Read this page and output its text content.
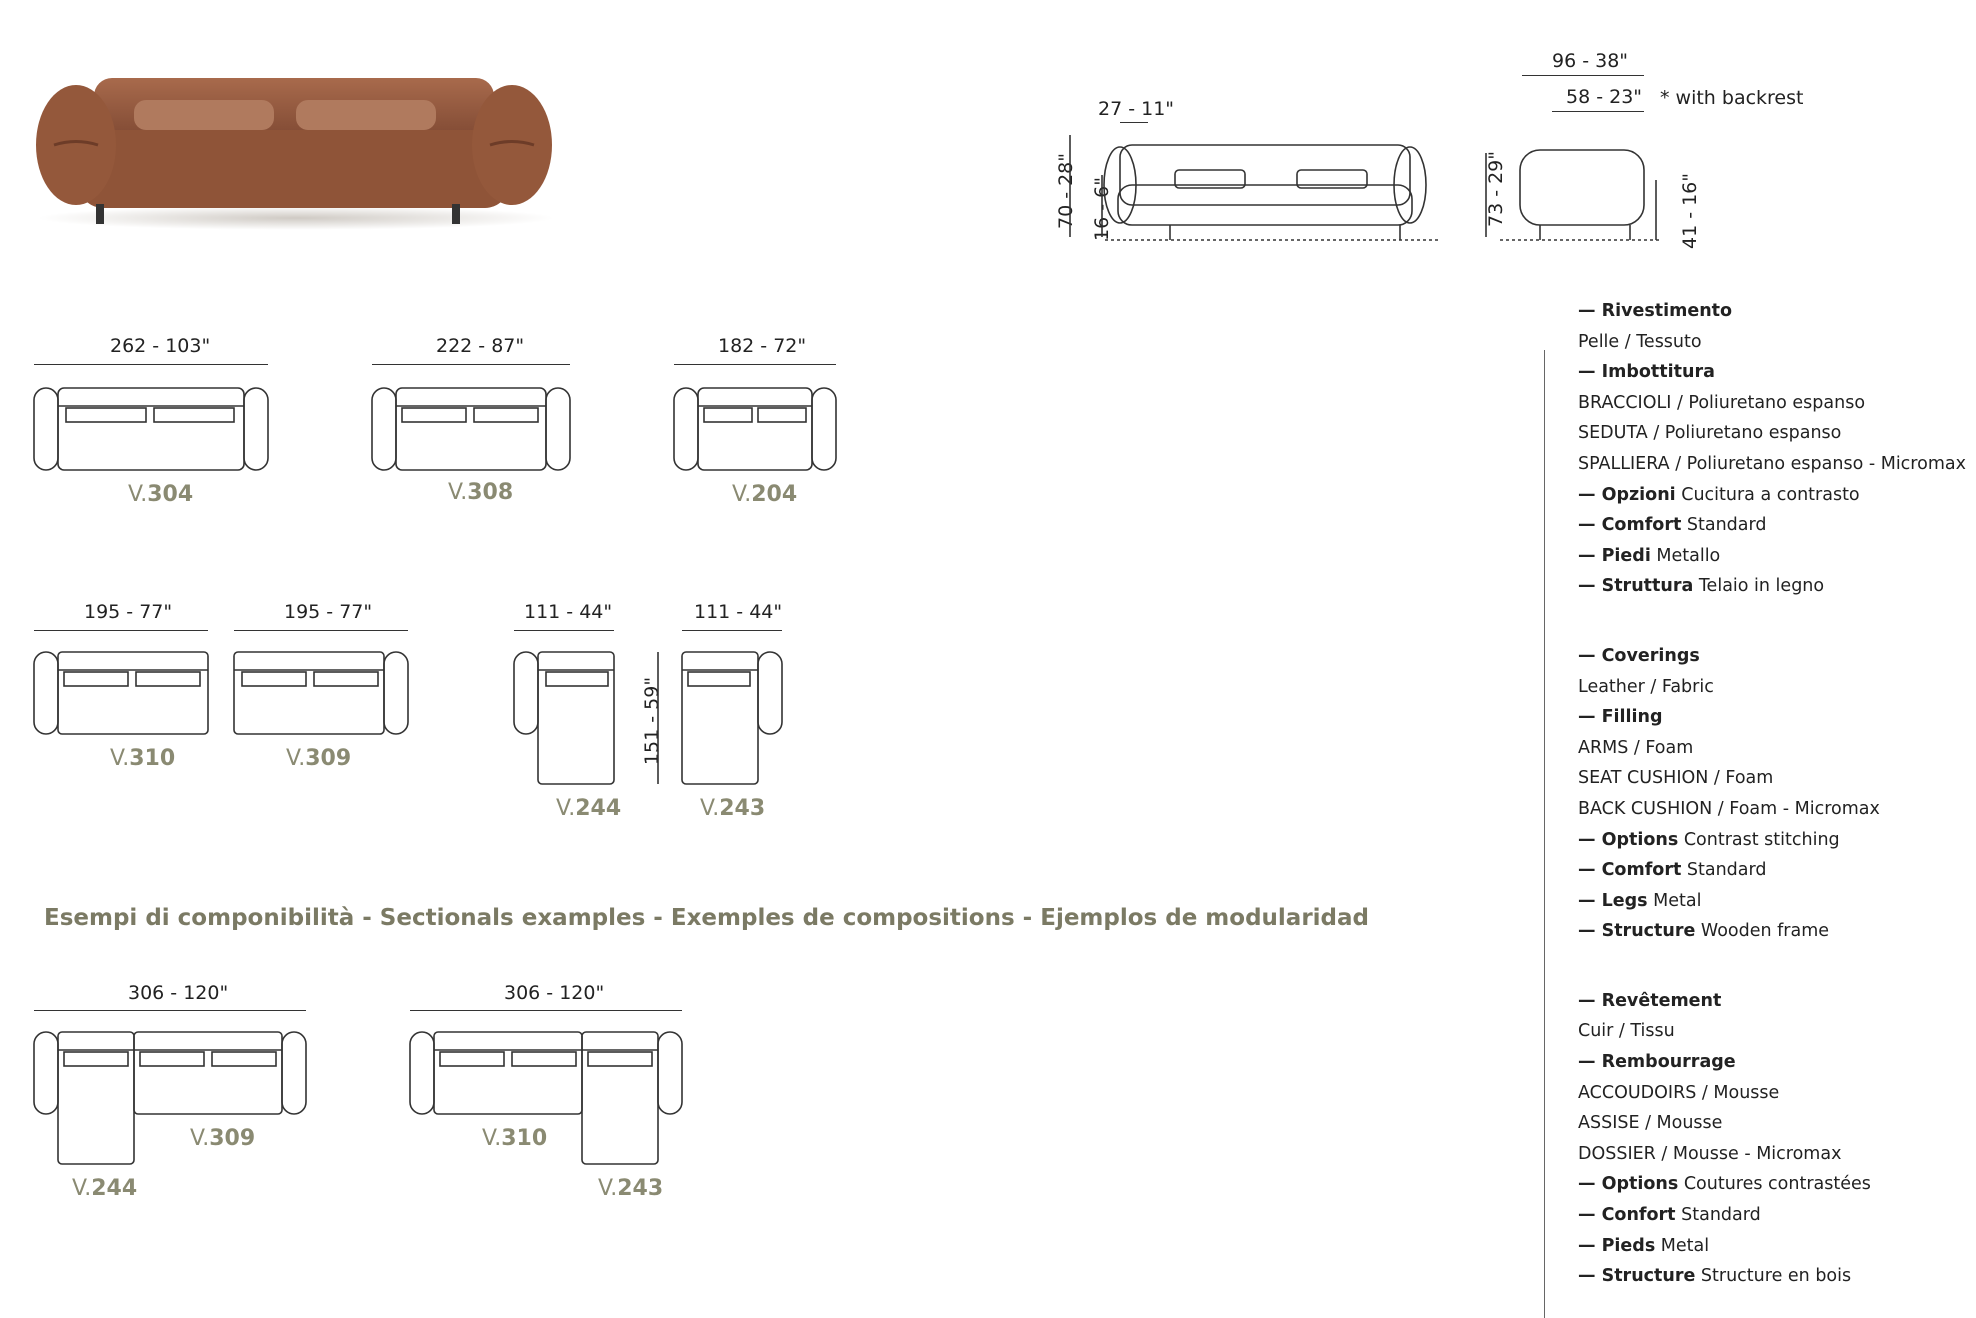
27 - 11"
96 - 38"
58 - 23" * with backrest
70 - 28" 16 - 6"	73 - 29"	41 - 16"
262 - 103"
V.304
222 - 87"
V.308
182 - 72"
V.204
195 - 77"
V.310
195 - 77"
V.309
111 - 44"
V.244
151 - 59"
111 - 44"
V.243
Esempi di componibilità - Sectionals examples - Exemples de compositions - Ejemplos de modularidad
306 - 120"
V.309
V.244
306 - 120"
V.310
V.243
— Rivestimento
Pelle / Tessuto
— Imbottitura
BRACCIOLI / Poliuretano espanso
SEDUTA / Poliuretano espanso
SPALLIERA / Poliuretano espanso - Micromax
— Opzioni Cucitura a contrasto
— Comfort Standard
— Piedi Metallo
— Struttura Telaio in legno
— Coverings
Leather / Fabric
— Filling
ARMS / Foam
SEAT CUSHION / Foam
BACK CUSHION / Foam - Micromax
— Options Contrast stitching
— Comfort Standard
— Legs Metal
— Structure Wooden frame
— Revêtement
Cuir / Tissu
— Rembourrage
ACCOUDOIRS / Mousse
ASSISE / Mousse
DOSSIER / Mousse - Micromax
— Options Coutures contrastées
— Confort Standard
— Pieds Metal
— Structure Structure en bois
